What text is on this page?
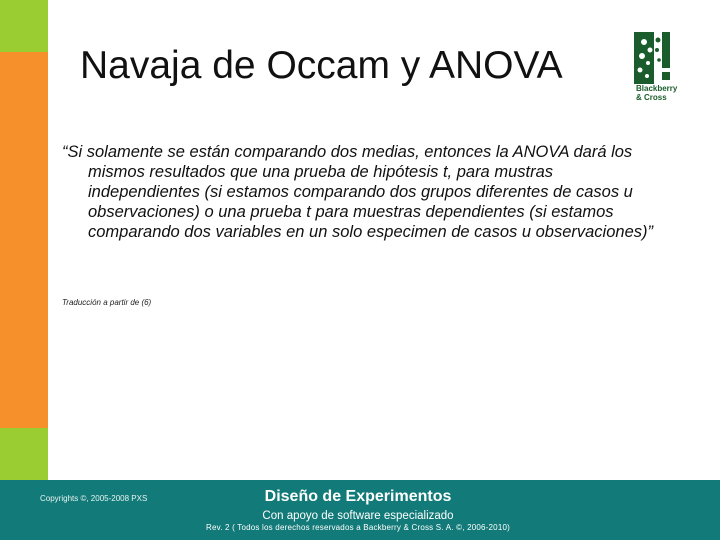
Navaja de Occam y ANOVA
Blackberry
& Cross
“Si solamente se están comparando dos medias, entonces la ANOVA dará los mismos resultados que una prueba de hipótesis t, para mustras independientes (si estamos comparando dos grupos diferentes de casos u observaciones) o una prueba t para muestras dependientes (si estamos comparando dos variables en un solo especimen de casos u observaciones)”
Traducción a partir de (6)
Copyrights ©, 2005-2008 PXS	Diseño de Experimentos
Con apoyo de software especializado
Rev. 2 ( Todos los derechos reservados a Backberry & Cross S. A. ©, 2006-2010)
